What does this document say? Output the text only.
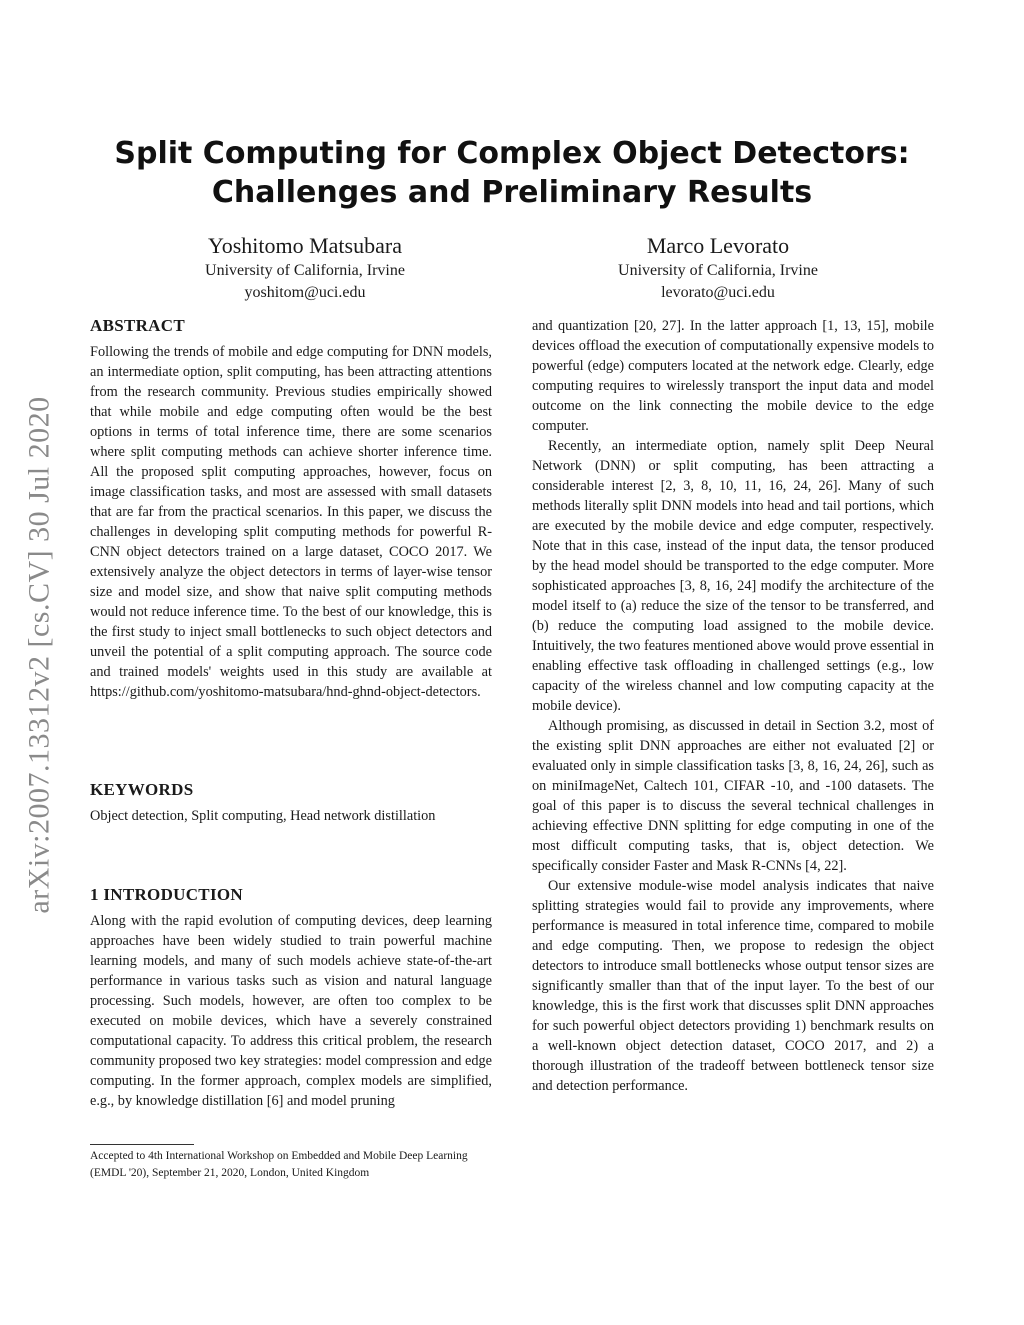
arXiv:2007.13312v2 [cs.CV] 30 Jul 2020
Split Computing for Complex Object Detectors:
Challenges and Preliminary Results
Yoshitomo Matsubara
University of California, Irvine
yoshitom@uci.edu
Marco Levorato
University of California, Irvine
levorato@uci.edu
ABSTRACT

Following the trends of mobile and edge computing for DNN models, an intermediate option, split computing, has been attracting attentions from the research community. Previous studies empirically showed that while mobile and edge computing often would be the best options in terms of total inference time, there are some scenarios where split computing methods can achieve shorter inference time. All the proposed split computing approaches, however, focus on image classification tasks, and most are assessed with small datasets that are far from the practical scenarios. In this paper, we discuss the challenges in developing split computing methods for powerful R-CNN object detectors trained on a large dataset, COCO 2017. We extensively analyze the object detectors in terms of layer-wise tensor size and model size, and show that naive split computing methods would not reduce inference time. To the best of our knowledge, this is the first study to inject small bottlenecks to such object detectors and unveil the potential of a split computing approach. The source code and trained models' weights used in this study are available at https://github.com/yoshitomo-matsubara/hnd-ghnd-object-detectors.

KEYWORDS

Object detection, Split computing, Head network distillation

1 INTRODUCTION

Along with the rapid evolution of computing devices, deep learning approaches have been widely studied to train powerful machine learning models, and many of such models achieve state-of-the-art performance in various tasks such as vision and natural language processing. Such models, however, are often too complex to be executed on mobile devices, which have a severely constrained computational capacity. To address this critical problem, the research community proposed two key strategies: model compression and edge computing. In the former approach, complex models are simplified, e.g., by knowledge distillation [6] and model pruning

Accepted to 4th International Workshop on Embedded and Mobile Deep Learning (EMDL '20), September 21, 2020, London, United Kingdom

and quantization [20, 27]. In the latter approach [1, 13, 15], mobile devices offload the execution of computationally expensive models to powerful (edge) computers located at the network edge. Clearly, edge computing requires to wirelessly transport the input data and model outcome on the link connecting the mobile device to the edge computer.

Recently, an intermediate option, namely split Deep Neural Network (DNN) or split computing, has been attracting a considerable interest [2, 3, 8, 10, 11, 16, 24, 26]. Many of such methods literally split DNN models into head and tail portions, which are executed by the mobile device and edge computer, respectively. Note that in this case, instead of the input data, the tensor produced by the head model should be transported to the edge computer. More sophisticated approaches [3, 8, 16, 24] modify the architecture of the model itself to (a) reduce the size of the tensor to be transferred, and (b) reduce the computing load assigned to the mobile device. Intuitively, the two features mentioned above would prove essential in enabling effective task offloading in challenged settings (e.g., low capacity of the wireless channel and low computing capacity at the mobile device).

Although promising, as discussed in detail in Section 3.2, most of the existing split DNN approaches are either not evaluated [2] or evaluated only in simple classification tasks [3, 8, 16, 24, 26], such as on miniImageNet, Caltech 101, CIFAR -10, and -100 datasets. The goal of this paper is to discuss the several technical challenges in achieving effective DNN splitting for edge computing in one of the most difficult computing tasks, that is, object detection. We specifically consider Faster and Mask R-CNNs [4, 22].

Our extensive module-wise model analysis indicates that naive splitting strategies would fail to provide any improvements, where performance is measured in total inference time, compared to mobile and edge computing. Then, we propose to redesign the object detectors to introduce small bottlenecks whose output tensor sizes are significantly smaller than that of the input layer. To the best of our knowledge, this is the first work that discusses split DNN approaches for such powerful object detectors providing 1) benchmark results on a well-known object detection dataset, COCO 2017, and 2) a thorough illustration of the tradeoff between bottleneck tensor size and detection performance.
